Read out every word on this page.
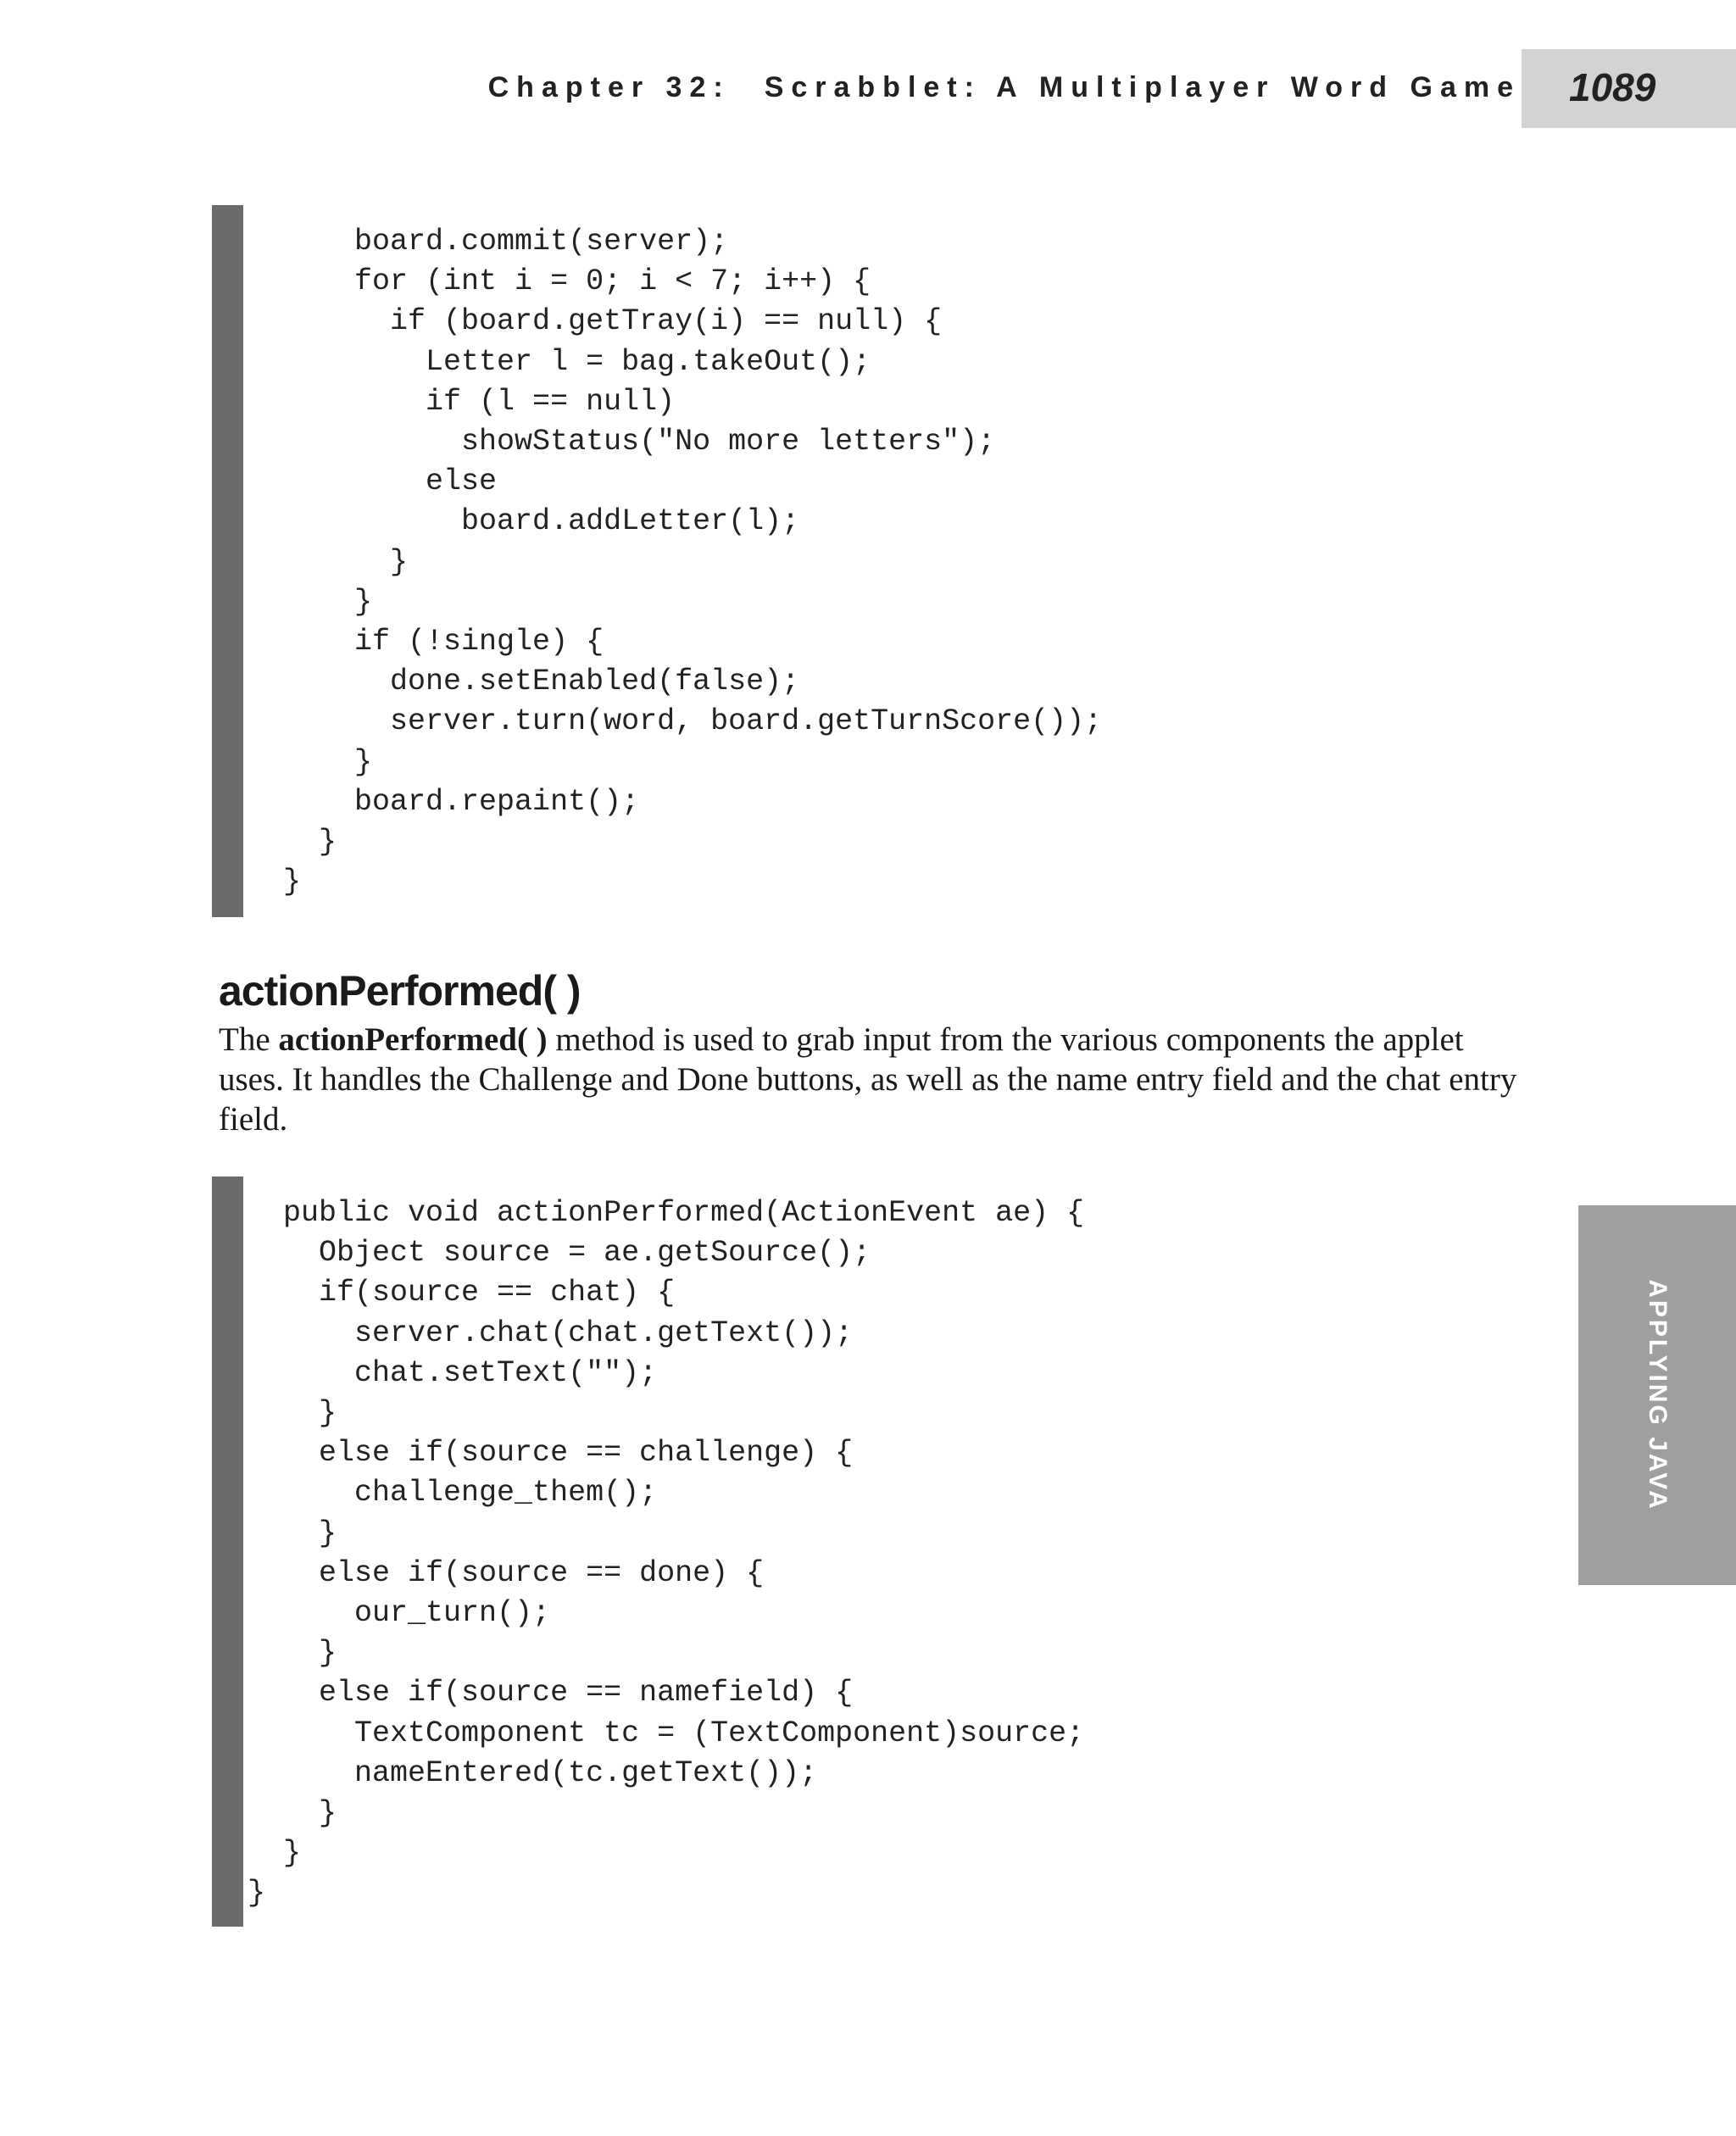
Chapter 32: Scrabblet: A Multiplayer Word Game 1089
APPLYING JAVA
board.commit(server);
for (int i = 0; i < 7; i++) {
if (board.getTray(i) == null) {
Letter l = bag.takeOut();
if (l == null)
showStatus("No more letters");
else
board.addLetter(l);
}
}
if (!single) {
done.setEnabled(false);
server.turn(word, board.getTurnScore());
}
board.repaint();
}
}
actionPerformed( )

The actionPerformed( ) method is used to grab input from the various components the applet uses. It handles the Challenge and Done buttons, as well as the name entry field and the chat entry field.

public void actionPerformed(ActionEvent ae) {
Object source = ae.getSource();
if(source == chat) {
server.chat(chat.getText());
chat.setText("");
}
else if(source == challenge) {
challenge_them();
}
else if(source == done) {
our_turn();
}
else if(source == namefield) {
TextComponent tc = (TextComponent)source;
nameEntered(tc.getText());
}
}
}
